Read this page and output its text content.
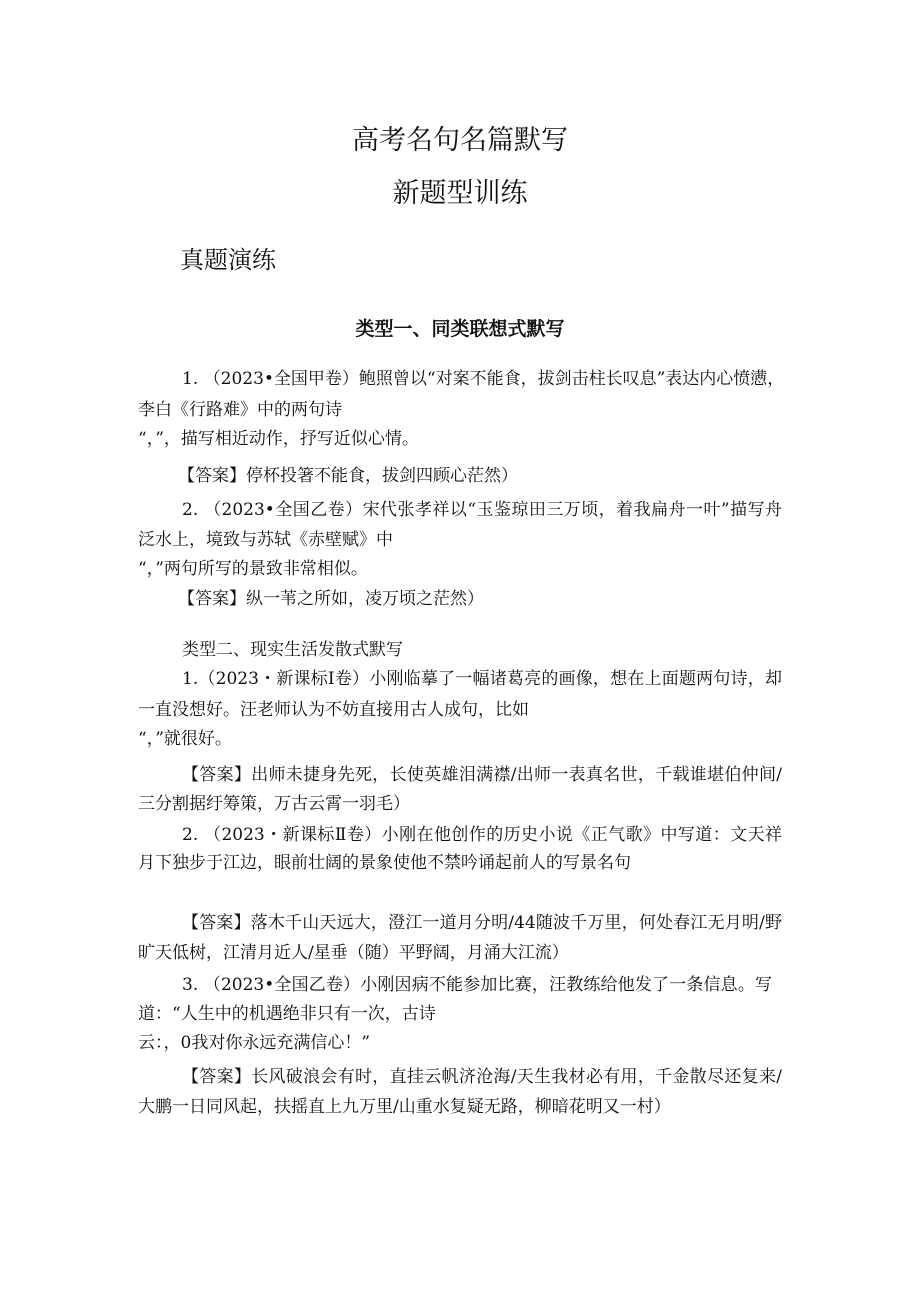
高考名句名篇默写
新题型训练
真题演练
类型一、同类联想式默写
1. （2023•全国甲卷）鲍照曾以“对案不能食，拔剑击柱长叹息”表达内心愤懑，
李白《行路难》中的两句诗
“，”，描写相近动作，抒写近似心情。
【答案】停杯投箸不能食，拔剑四顾心茫然）
2. （2023•全国乙卷）宋代张孝祥以“玉鉴琼田三万顷，着我扁舟一叶”描写舟
泛水上，境致与苏轼《赤壁赋》中
“，”两句所写的景致非常相似。
【答案】纵一苇之所如，凌万顷之茫然）
类型二、现实生活发散式默写
1.（2023・新课标Ⅰ卷）小刚临摹了一幅诸葛亮的画像，想在上面题两句诗，却
一直没想好。汪老师认为不妨直接用古人成句，比如
“，”就很好。
【答案】出师未捷身先死，长使英雄泪满襟/出师一表真名世，千载谁堪伯仲间/
三分割据纡筹策，万古云霄一羽毛）
2. （2023・新课标Ⅱ卷）小刚在他创作的历史小说《正气歌》中写道：文天祥
月下独步于江边，眼前壮阔的景象使他不禁吟诵起前人的写景名句
【答案】落木千山天远大，澄江一道月分明/44随波千万里，何处春江无月明/野
旷天低树，江清月近人/星垂（随）平野阔，月涌大江流）
3. （2023•全国乙卷）小刚因病不能参加比赛，汪教练给他发了一条信息。写
道：“人生中的机遇绝非只有一次，古诗
云：，0我对你永远充满信心！”
【答案】长风破浪会有时，直挂云帆济沧海/天生我材必有用，千金散尽还复来/
大鹏一日同风起，扶摇直上九万里/山重水复疑无路，柳暗花明又一村）
